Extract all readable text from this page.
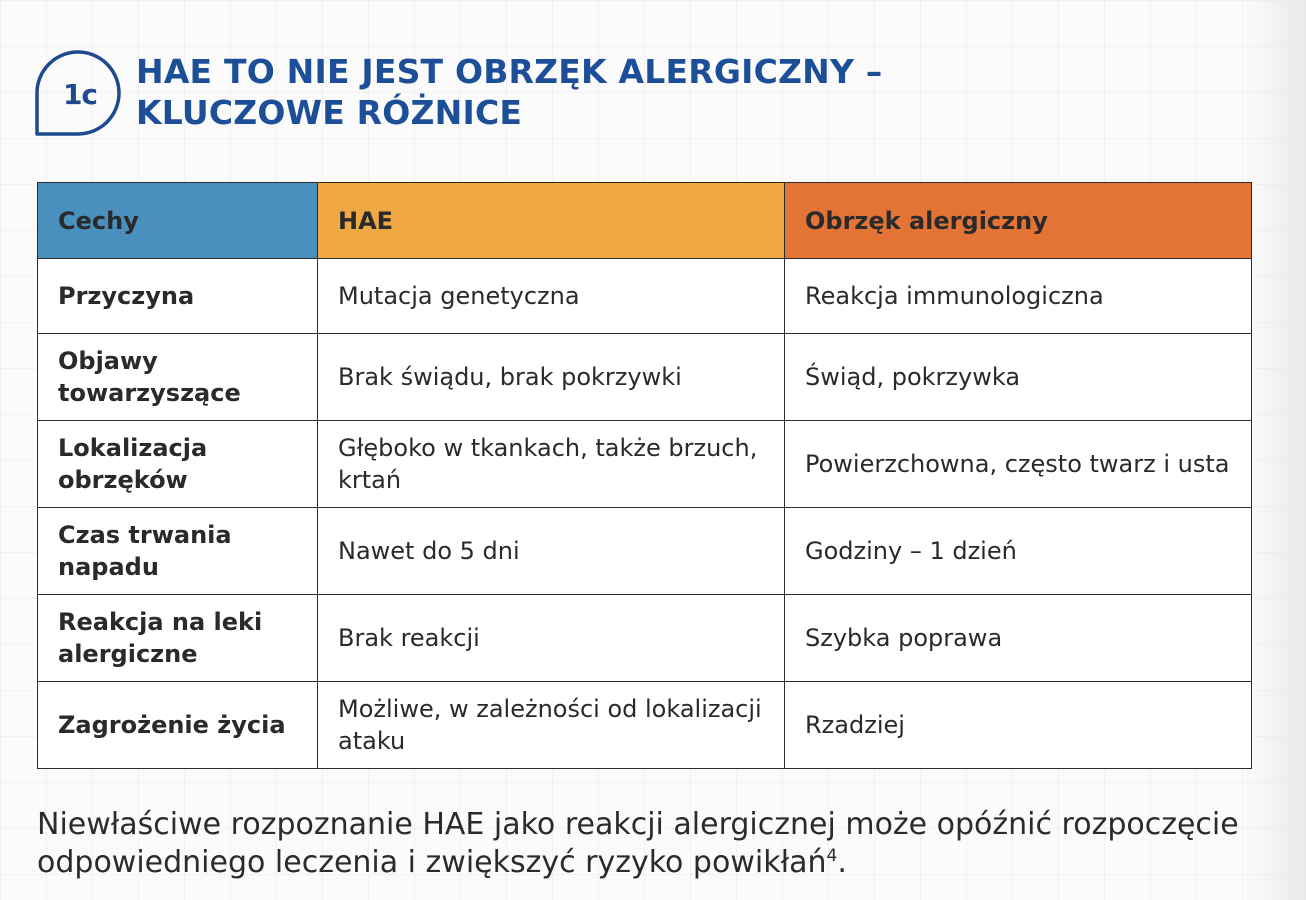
1c
HAE TO NIE JEST OBRZĘK ALERGICZNY –
KLUCZOWE RÓŻNICE
Cechy	HAE	Obrzęk alergiczny
Przyczyna	Mutacja genetyczna	Reakcja immunologiczna
Objawy towarzyszące	Brak świądu, brak pokrzywki	Świąd, pokrzywka
Lokalizacja obrzęków	Głęboko w tkankach, także brzuch, krtań	Powierzchowna, często twarz i usta
Czas trwania napadu	Nawet do 5 dni	Godziny – 1 dzień
Reakcja na leki alergiczne	Brak reakcji	Szybka poprawa
Zagrożenie życia	Możliwe, w zależności od lokalizacji ataku	Rzadziej

Niewłaściwe rozpoznanie HAE jako reakcji alergicznej może opóźnić rozpoczęcie odpowiedniego leczenia i zwiększyć ryzyko powikłań$^4$.
